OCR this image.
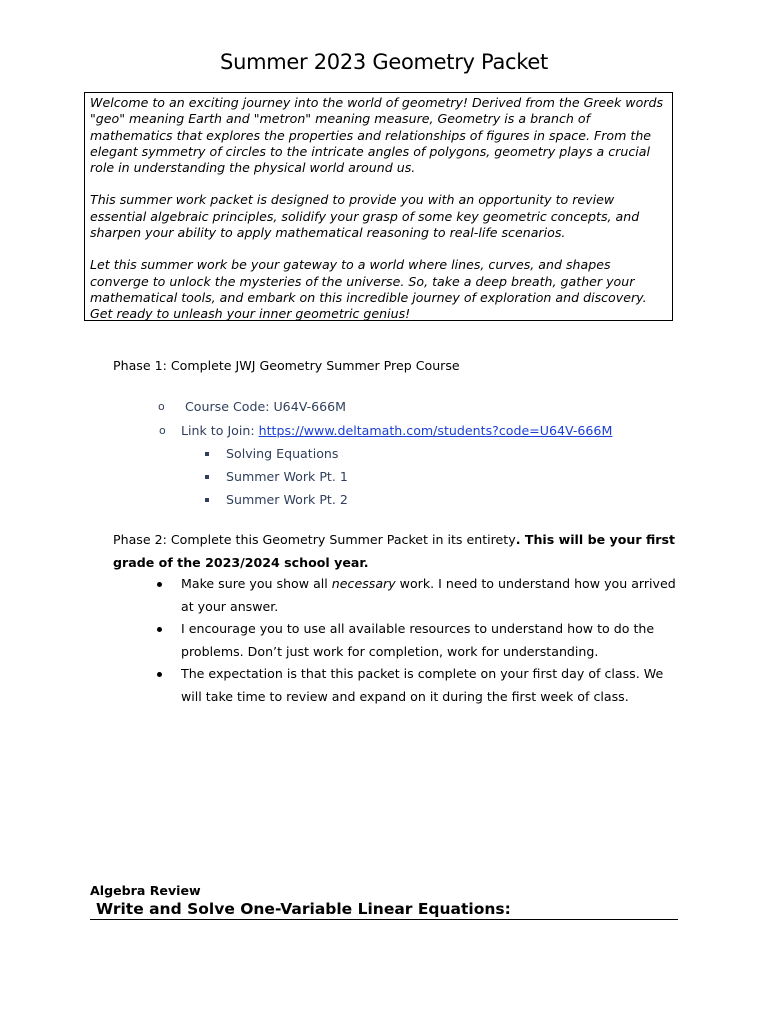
Summer 2023 Geometry Packet

Welcome to an exciting journey into the world of geometry! Derived from the Greek words "geo" meaning Earth and "metron" meaning measure, Geometry is a branch of mathematics that explores the properties and relationships of figures in space. From the elegant symmetry of circles to the intricate angles of polygons, geometry plays a crucial role in understanding the physical world around us.

This summer work packet is designed to provide you with an opportunity to review essential algebraic principles, solidify your grasp of some key geometric concepts, and sharpen your ability to apply mathematical reasoning to real-life scenarios.

Let this summer work be your gateway to a world where lines, curves, and shapes converge to unlock the mysteries of the universe. So, take a deep breath, gather your mathematical tools, and embark on this incredible journey of exploration and discovery. Get ready to unleash your inner geometric genius!

Phase 1: Complete JWJ Geometry Summer Prep Course
o Course Code: U64V-666M
o Link to Join: https://www.deltamath.com/students?code=U64V-666M
Solving Equations
Summer Work Pt. 1
Summer Work Pt. 2
Phase 2: Complete this Geometry Summer Packet in its entirety. This will be your first grade of the 2023/2024 school year.

Make sure you show all necessary work. I need to understand how you arrived at your answer.

I encourage you to use all available resources to understand how to do the problems. Don’t just work for completion, work for understanding.

The expectation is that this packet is complete on your first day of class. We will take time to review and expand on it during the first week of class.

Algebra Review
Write and Solve One-Variable Linear Equations:
